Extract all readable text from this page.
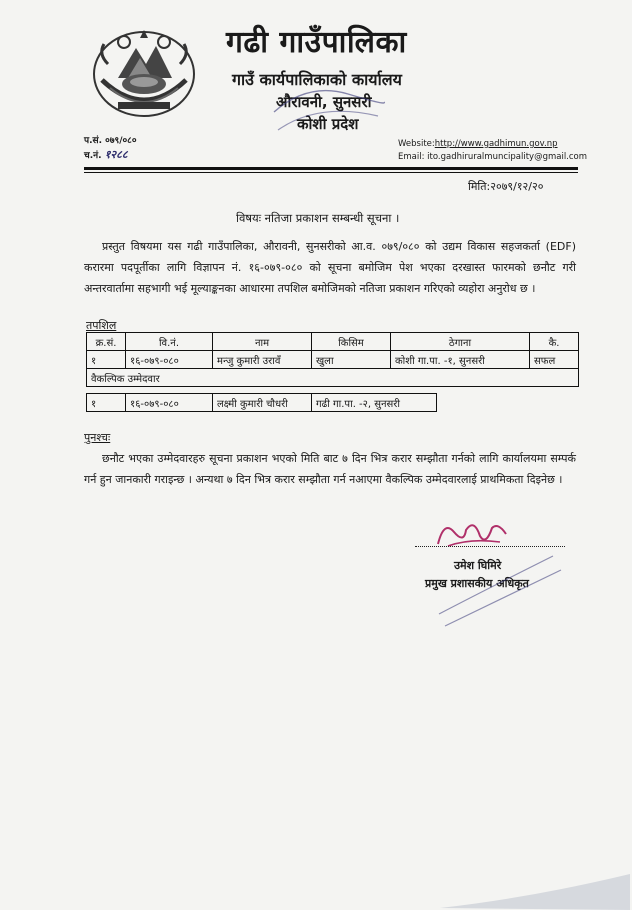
गढी गाउँपालिका
गाउँ कार्यपालिकाको कार्यालय
औरावनी, सुनसरी
कोशी प्रदेश
प.सं. ०७९/०८०
च.नं. १२८८
Website:http://www.gadhimun.gov.np
Email: ito.gadhiruralmuncipality@gmail.com
मिति:२०७९/१२/२०
विषयः नतिजा प्रकाशन सम्बन्धी सूचना ।
प्रस्तुत विषयमा यस गढी गाउँपालिका, औरावनी, सुनसरीको आ.व. ०७९/०८० को उद्यम विकास सहजकर्ता (EDF) करारमा पदपूर्तीका लागि विज्ञापन नं. १६-०७९-०८० को सूचना बमोजिम पेश भएका दरखास्त फारमको छनौट गरी अन्तरवार्तामा सहभागी भई मूल्याङ्कनका आधारमा तपशिल बमोजिमको नतिजा प्रकाशन गरिएको व्यहोरा अनुरोध छ ।
तपशिल
क्र.सं.	वि.नं.	नाम	किसिम	ठेगाना	कै.
१	१६-०७९-०८०	मन्जु कुमारी उरावँ	खुला	कोशी गा.पा. -१, सुनसरी	सफल
वैकल्पिक उम्मेदवार					
१	१६-०७९-०८०	लक्ष्मी कुमारी चौधरी	गढी गा.पा. -२, सुनसरी
पुनश्चः
छनौट भएका उम्मेदवारहरु सूचना प्रकाशन भएको मिति बाट ७ दिन भित्र करार सम्झौता गर्नको लागि कार्यालयमा सम्पर्क गर्न हुन जानकारी गराइन्छ । अन्यथा ७ दिन भित्र करार सम्झौता गर्न नआएमा वैकल्पिक उम्मेदवारलाई प्राथमिकता दिइनेछ ।
उमेश घिमिरे
प्रमुख प्रशासकीय अधिकृत
